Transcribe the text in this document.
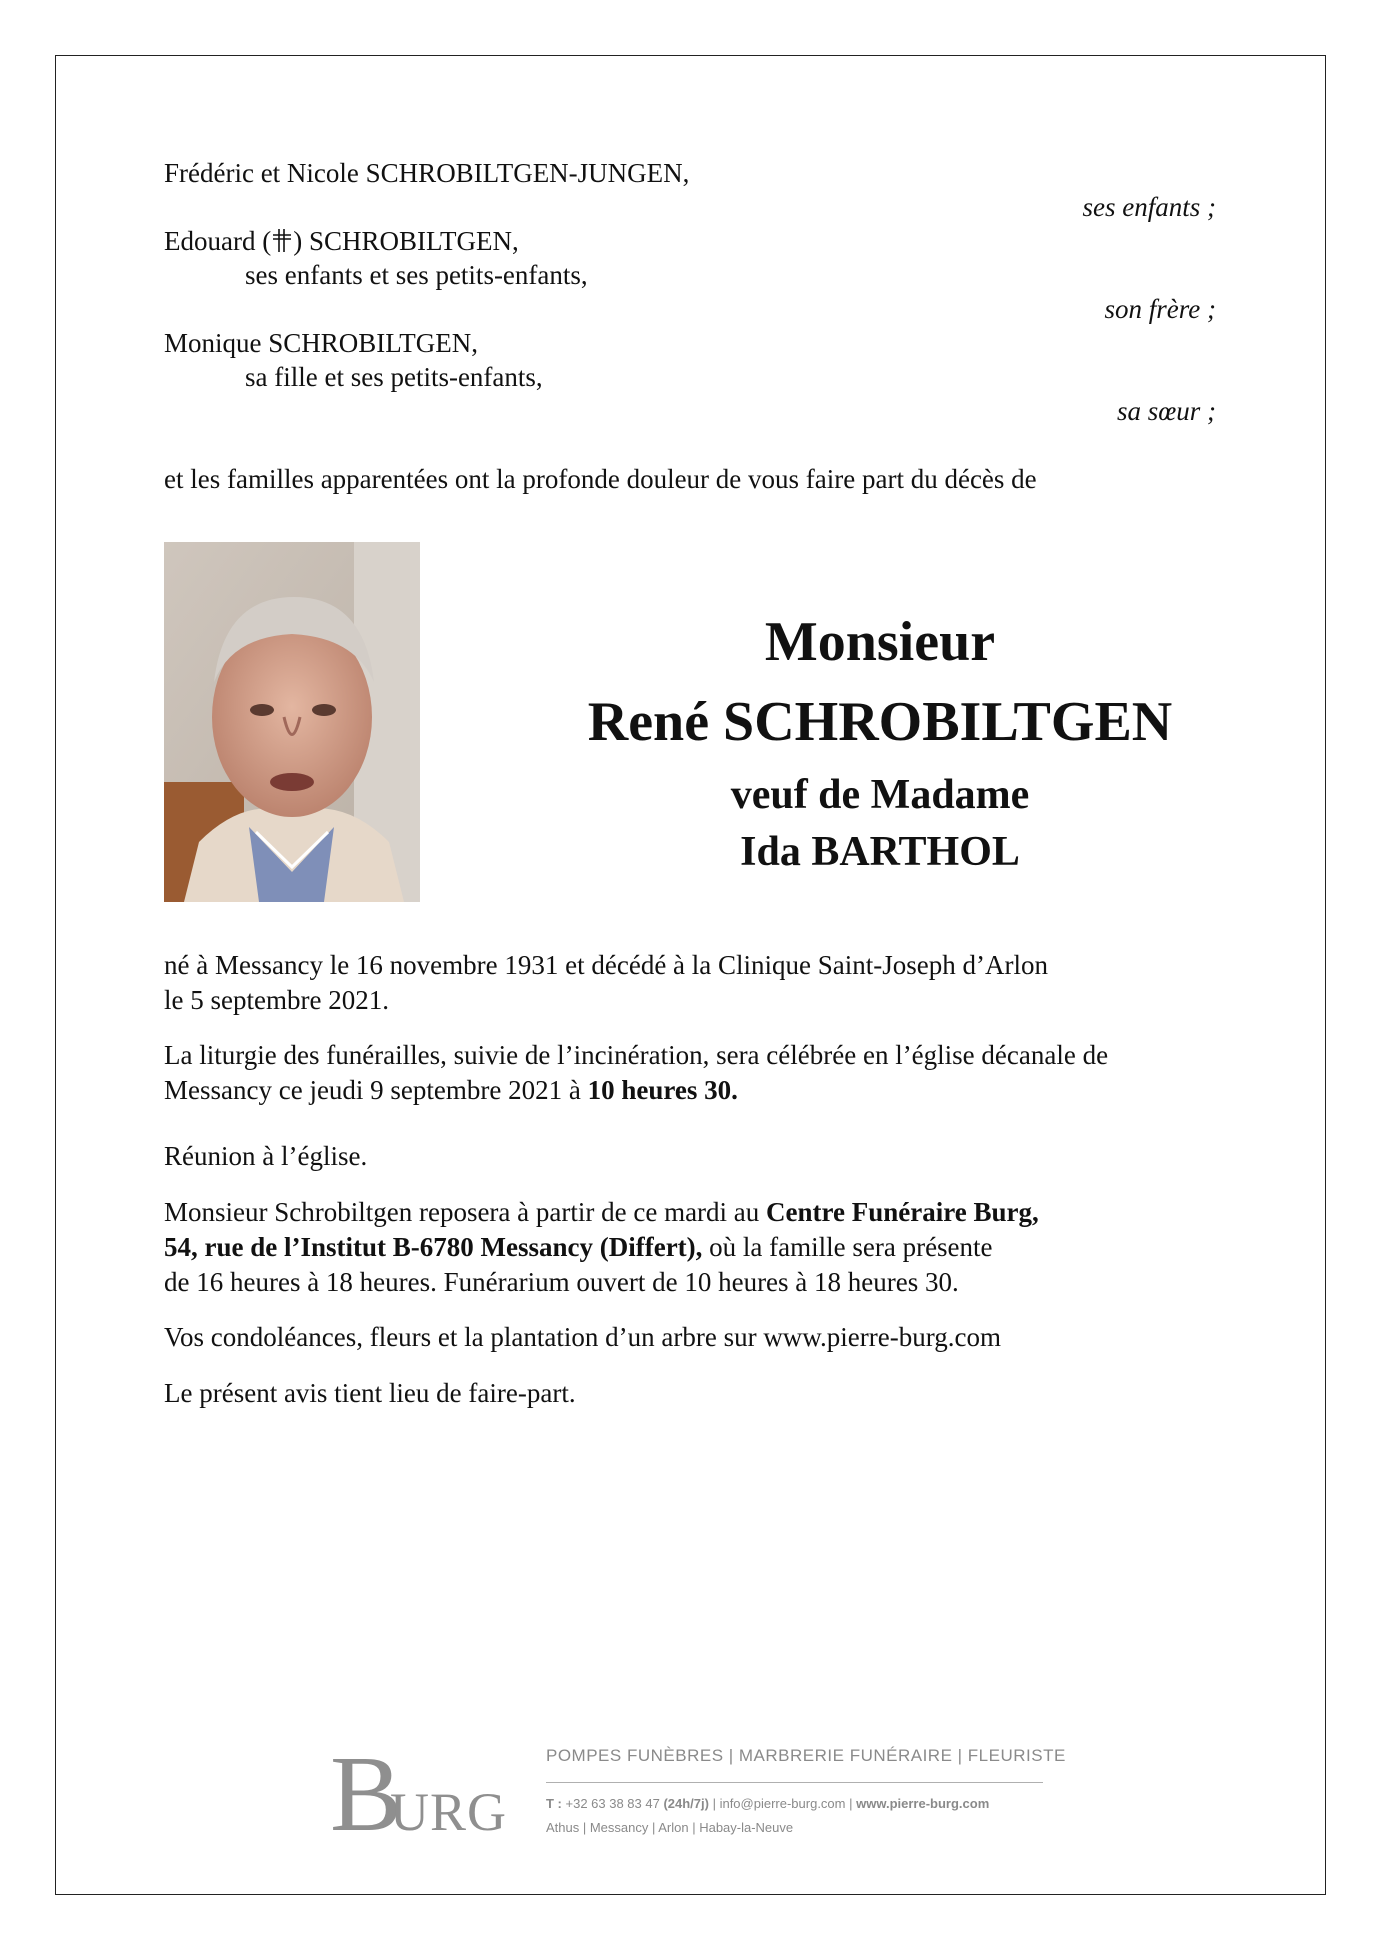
Frédéric et Nicole SCHROBILTGEN-JUNGEN,
ses enfants ;
Edouard ( ) SCHROBILTGEN,
ses enfants et ses petits-enfants,
son frère ;
Monique SCHROBILTGEN,
sa fille et ses petits-enfants,
sa sœur ;
et les familles apparentées ont la profonde douleur de vous faire part du décès de
Monsieur
René SCHROBILTGEN
veuf de Madame
Ida BARTHOL
né à Messancy le 16 novembre 1931 et décédé à la Clinique Saint-Joseph d’Arlon
le 5 septembre 2021.
La liturgie des funérailles, suivie de l’incinération, sera célébrée en l’église décanale de
Messancy ce jeudi 9 septembre 2021 à 10 heures 30.
Réunion à l’église.
Monsieur Schrobiltgen reposera à partir de ce mardi au Centre Funéraire Burg,
54, rue de l’Institut B-6780 Messancy (Differt), où la famille sera présente
de 16 heures à 18 heures. Funérarium ouvert de 10 heures à 18 heures 30.
Vos condoléances, fleurs et la plantation d’un arbre sur www.pierre-burg.com
Le présent avis tient lieu de faire-part.
B
URG
POMPES FUNÈBRES | MARBRERIE FUNÉRAIRE | FLEURISTE
T : +32 63 38 83 47 (24h/7j) | info@pierre-burg.com | www.pierre-burg.com
Athus | Messancy | Arlon | Habay-la-Neuve
